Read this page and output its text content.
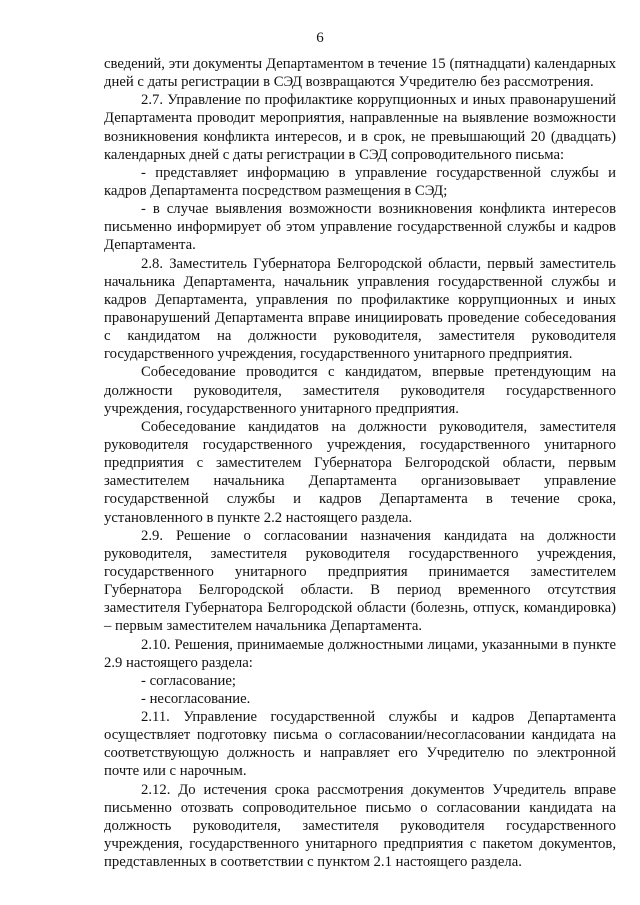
6

сведений, эти документы Департаментом в течение 15 (пятнадцати) календарных дней с даты регистрации в СЭД возвращаются Учредителю без рассмотрения.

2.7. Управление по профилактике коррупционных и иных правонарушений Департамента проводит мероприятия, направленные на выявление возможности возникновения конфликта интересов, и в срок, не превышающий 20 (двадцать) календарных дней с даты регистрации в СЭД сопроводительного письма:

- представляет информацию в управление государственной службы и кадров Департамента посредством размещения в СЭД;

- в случае выявления возможности возникновения конфликта интересов письменно информирует об этом управление государственной службы и кадров Департамента.

2.8. Заместитель Губернатора Белгородской области, первый заместитель начальника Департамента, начальник управления государственной службы и кадров Департамента, управления по профилактике коррупционных и иных правонарушений Департамента вправе инициировать проведение собеседования с кандидатом на должности руководителя, заместителя руководителя государственного учреждения, государственного унитарного предприятия.

Собеседование проводится с кандидатом, впервые претендующим на должности руководителя, заместителя руководителя государственного учреждения, государственного унитарного предприятия.

Собеседование кандидатов на должности руководителя, заместителя руководителя государственного учреждения, государственного унитарного предприятия с заместителем Губернатора Белгородской области, первым заместителем начальника Департамента организовывает управление государственной службы и кадров Департамента в течение срока, установленного в пункте 2.2 настоящего раздела.

2.9. Решение о согласовании назначения кандидата на должности руководителя, заместителя руководителя государственного учреждения, государственного унитарного предприятия принимается заместителем Губернатора Белгородской области. В период временного отсутствия заместителя Губернатора Белгородской области (болезнь, отпуск, командировка) – первым заместителем начальника Департамента.

2.10. Решения, принимаемые должностными лицами, указанными в пункте 2.9 настоящего раздела:

- согласование;

- несогласование.

2.11. Управление государственной службы и кадров Департамента осуществляет подготовку письма о согласовании/несогласовании кандидата на соответствующую должность и направляет его Учредителю по электронной почте или с нарочным.

2.12. До истечения срока рассмотрения документов Учредитель вправе письменно отозвать сопроводительное письмо о согласовании кандидата на должность руководителя, заместителя руководителя государственного учреждения, государственного унитарного предприятия с пакетом документов, представленных в соответствии с пунктом 2.1 настоящего раздела.
